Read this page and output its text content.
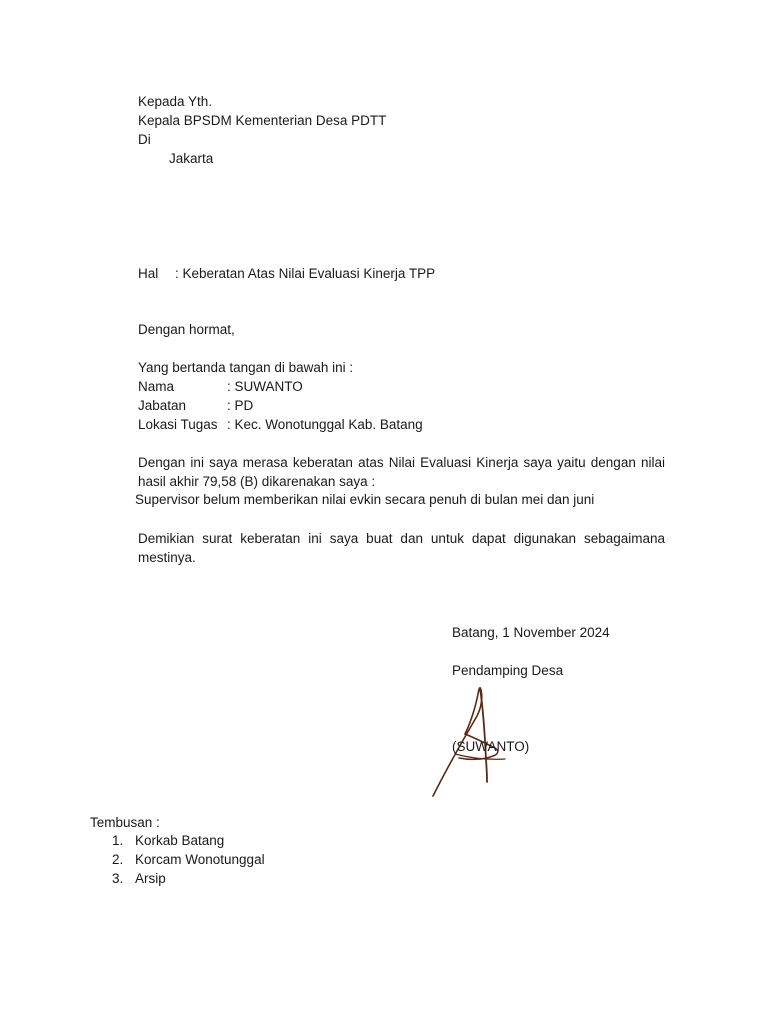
Kepada Yth.
Kepala BPSDM Kementerian Desa PDTT
Di
Jakarta
Hal	: Keberatan Atas Nilai Evaluasi Kinerja TPP
Dengan hormat,
Yang bertanda tangan di bawah ini :
Nama	: SUWANTO
Jabatan	: PD
Lokasi Tugas : Kec. Wonotunggal Kab. Batang
Dengan ini saya merasa keberatan atas Nilai Evaluasi Kinerja saya yaitu dengan nilai
hasil akhir 79,58 (B) dikarenakan saya :
Supervisor belum memberikan nilai evkin secara penuh di bulan mei dan juni
Demikian surat keberatan ini saya buat dan untuk dapat digunakan sebagaimana
mestinya.
Batang, 1 November 2024
Pendamping Desa
(SUWANTO)
Tembusan :
1. Korkab Batang
2. Korcam Wonotunggal
3. Arsip
